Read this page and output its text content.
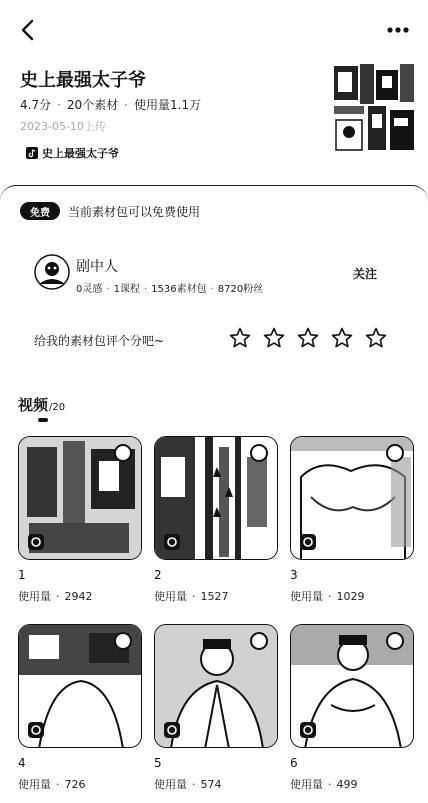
史上最强太子爷
4.7分 · 20个素材 · 使用量1.1万
2023-05-10上传
史上最强太子爷
免费	当前素材包可以免费使用
剧中人
0灵感 · 1课程 · 1536素材包 · 8720粉丝
关注
给我的素材包评个分吧~
视频/20
1
使用量 · 2942
2
使用量 · 1527
3
使用量 · 1029
4
使用量 · 726
5
使用量 · 574
6
使用量 · 499
